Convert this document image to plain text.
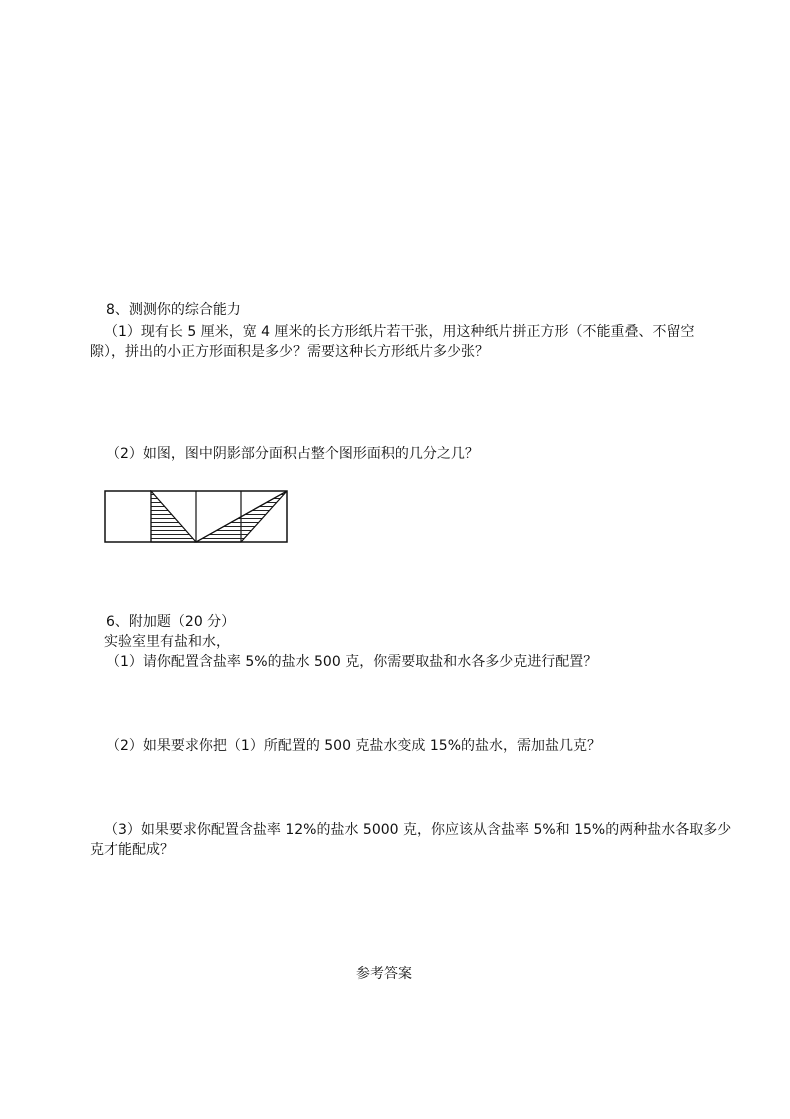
8、测测你的综合能力
（1）现有长 5 厘米，宽 4 厘米的长方形纸片若干张，用这种纸片拼正方形（不能重叠、不留空
隙），拼出的小正方形面积是多少？需要这种长方形纸片多少张？
（2）如图，图中阴影部分面积占整个图形面积的几分之几？
6、附加题（20 分）
实验室里有盐和水，
（1）请你配置含盐率 5%的盐水 500 克，你需要取盐和水各多少克进行配置？
（2）如果要求你把（1）所配置的 500 克盐水变成 15%的盐水，需加盐几克？
（3）如果要求你配置含盐率 12%的盐水 5000 克，你应该从含盐率 5%和 15%的两种盐水各取多少
克才能配成？
参考答案
